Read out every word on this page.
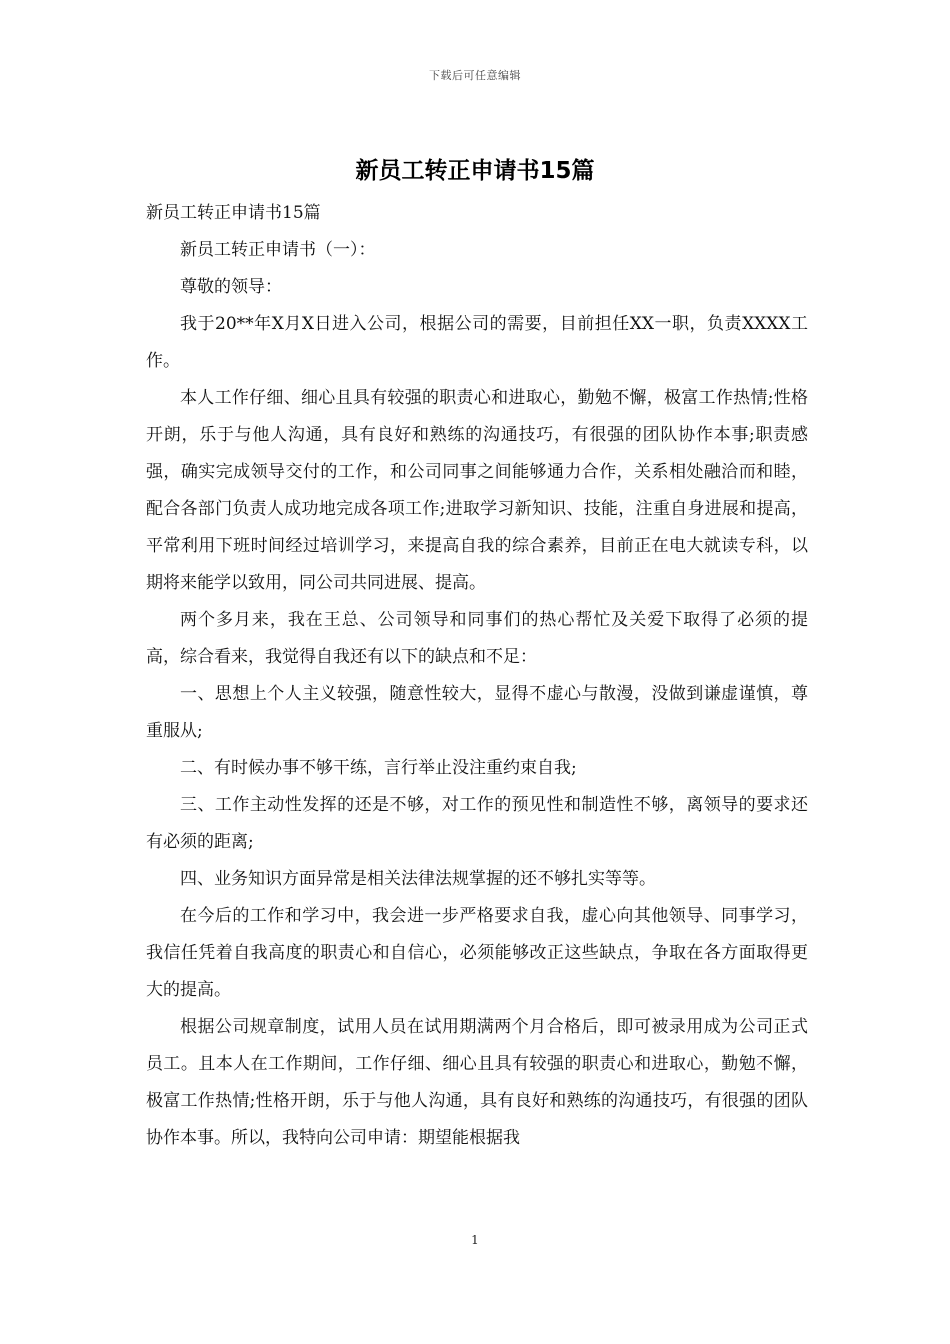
下载后可任意编辑
新员工转正申请书15篇

新员工转正申请书15篇

新员工转正申请书（一）：

尊敬的领导：

我于20**年X月X日进入公司，根据公司的需要，目前担任XX一职，负责XXXX工作。

本人工作仔细、细心且具有较强的职责心和进取心，勤勉不懈，极富工作热情;性格开朗，乐于与他人沟通，具有良好和熟练的沟通技巧，有很强的团队协作本事;职责感强，确实完成领导交付的工作，和公司同事之间能够通力合作，关系相处融洽而和睦，配合各部门负责人成功地完成各项工作;进取学习新知识、技能，注重自身进展和提高，平常利用下班时间经过培训学习，来提高自我的综合素养，目前正在电大就读专科，以期将来能学以致用，同公司共同进展、提高。

两个多月来，我在王总、公司领导和同事们的热心帮忙及关爱下取得了必须的提高，综合看来，我觉得自我还有以下的缺点和不足：

一、思想上个人主义较强，随意性较大，显得不虚心与散漫，没做到谦虚谨慎，尊重服从;

二、有时候办事不够干练，言行举止没注重约束自我;

三、工作主动性发挥的还是不够，对工作的预见性和制造性不够，离领导的要求还有必须的距离;

四、业务知识方面异常是相关法律法规掌握的还不够扎实等等。

在今后的工作和学习中，我会进一步严格要求自我，虚心向其他领导、同事学习，我信任凭着自我高度的职责心和自信心，必须能够改正这些缺点，争取在各方面取得更大的提高。

根据公司规章制度，试用人员在试用期满两个月合格后，即可被录用成为公司正式员工。且本人在工作期间，工作仔细、细心且具有较强的职责心和进取心，勤勉不懈，极富工作热情;性格开朗，乐于与他人沟通，具有良好和熟练的沟通技巧，有很强的团队协作本事。所以，我特向公司申请：期望能根据我

1
